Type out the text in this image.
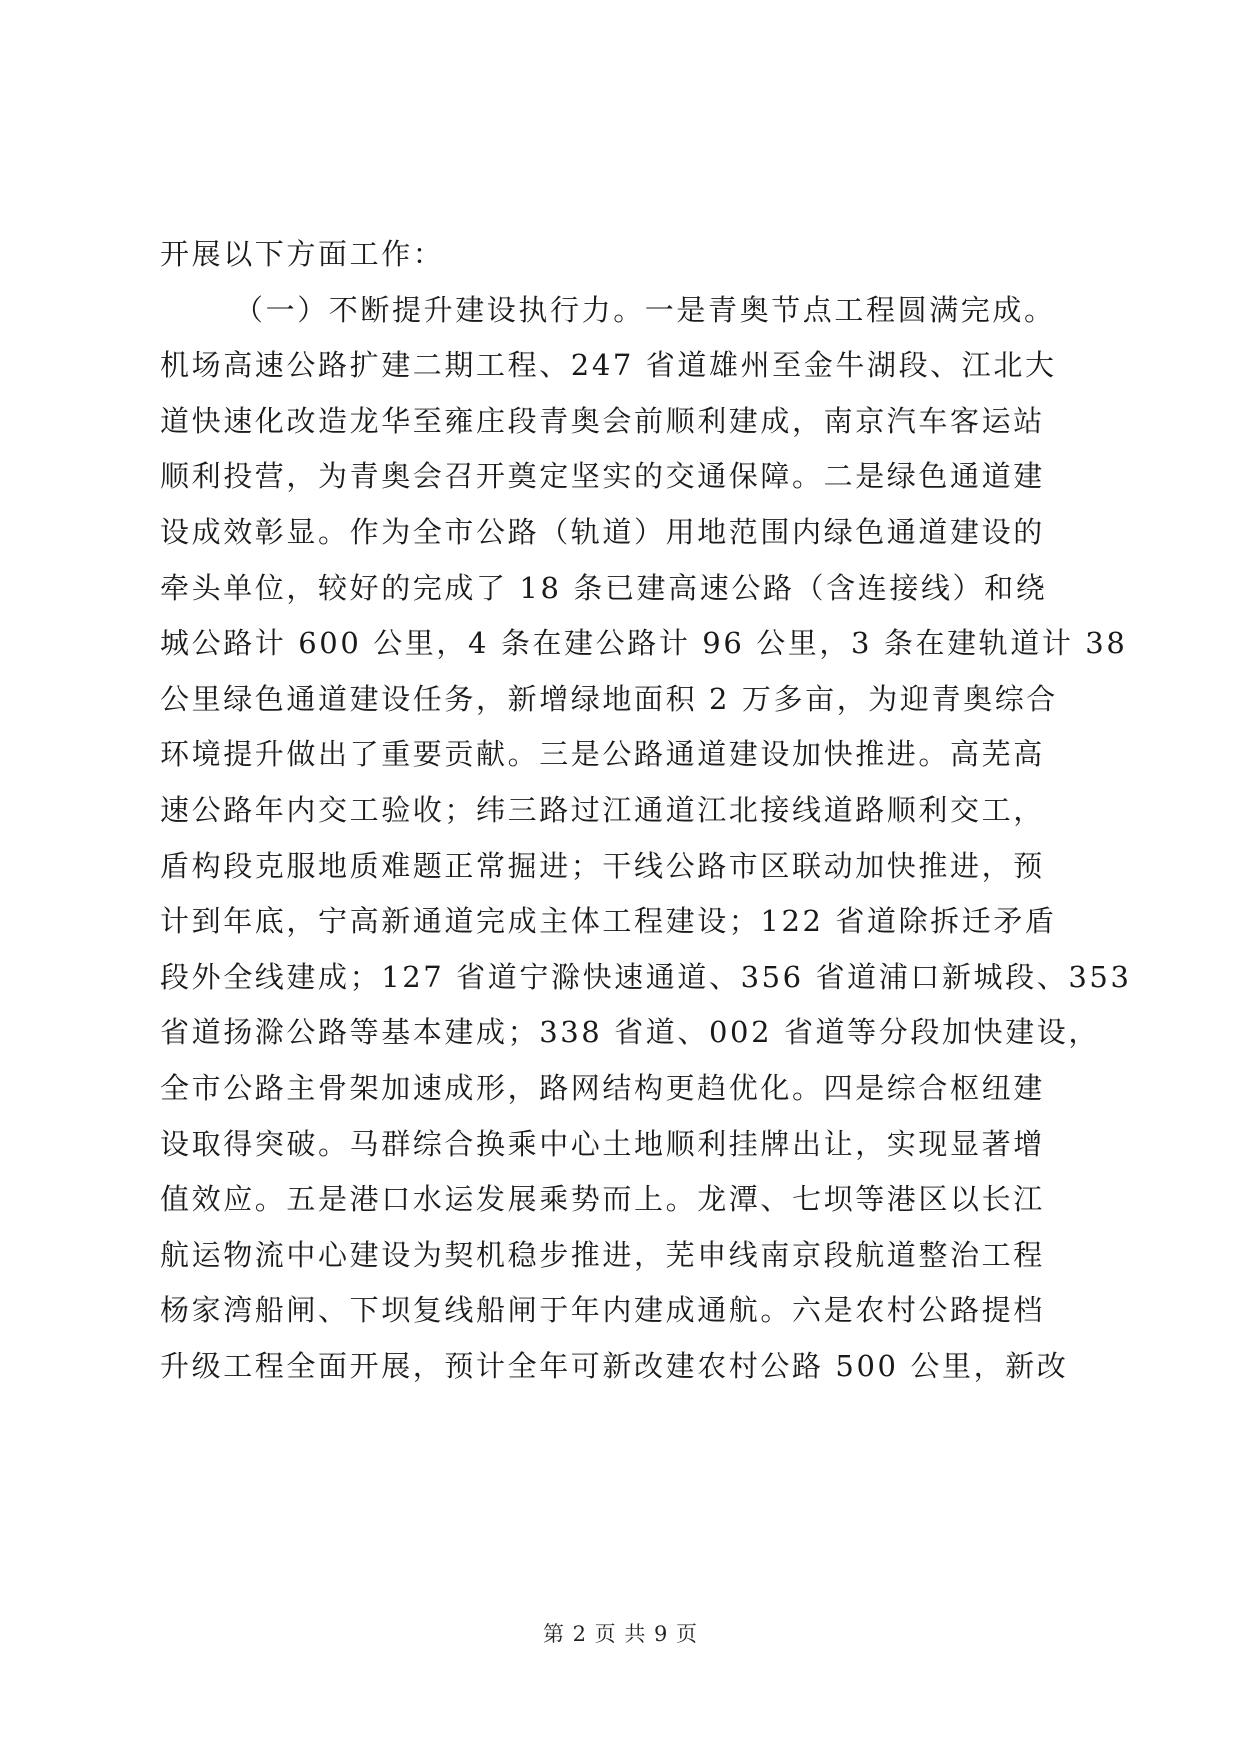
开展以下方面工作：
（一）不断提升建设执行力。一是青奥节点工程圆满完成。
机场高速公路扩建二期工程、247 省道雄州至金牛湖段、江北大
道快速化改造龙华至雍庄段青奥会前顺利建成，南京汽车客运站
顺利投营，为青奥会召开奠定坚实的交通保障。二是绿色通道建
设成效彰显。作为全市公路（轨道）用地范围内绿色通道建设的
牵头单位，较好的完成了 18 条已建高速公路（含连接线）和绕
城公路计 600 公里，4 条在建公路计 96 公里，3 条在建轨道计 38
公里绿色通道建设任务，新增绿地面积 2 万多亩，为迎青奥综合
环境提升做出了重要贡献。三是公路通道建设加快推进。高芜高
速公路年内交工验收；纬三路过江通道江北接线道路顺利交工，
盾构段克服地质难题正常掘进；干线公路市区联动加快推进，预
计到年底，宁高新通道完成主体工程建设；122 省道除拆迁矛盾
段外全线建成；127 省道宁滁快速通道、356 省道浦口新城段、353
省道扬滁公路等基本建成；338 省道、002 省道等分段加快建设，
全市公路主骨架加速成形，路网结构更趋优化。四是综合枢纽建
设取得突破。马群综合换乘中心土地顺利挂牌出让，实现显著增
值效应。五是港口水运发展乘势而上。龙潭、七坝等港区以长江
航运物流中心建设为契机稳步推进，芜申线南京段航道整治工程
杨家湾船闸、下坝复线船闸于年内建成通航。六是农村公路提档
升级工程全面开展，预计全年可新改建农村公路 500 公里，新改
第 2 页 共 9 页
